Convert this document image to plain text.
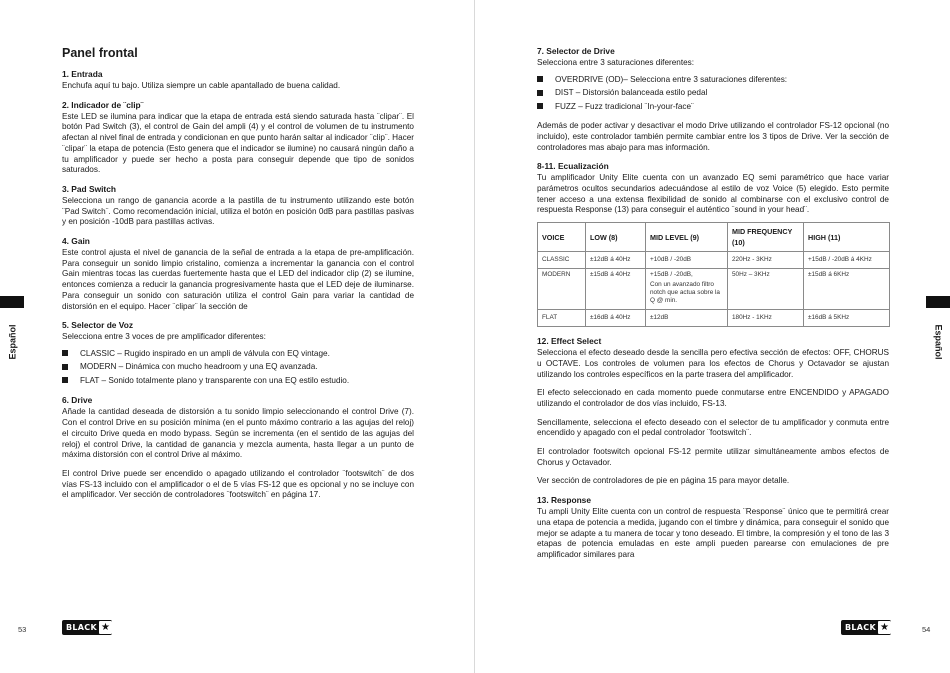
Panel frontal
1. Entrada

Enchufa aquí tu bajo. Utiliza siempre un cable apantallado de buena calidad.

2. Indicador de ¨clip¨

Este LED se ilumina para indicar que la etapa de entrada está siendo saturada hasta ¨clipar¨. El botón Pad Switch (3), el control de Gain del ampli (4) y el control de volumen de tu instrumento afectan al nivel final de entrada y condicionan en que punto harán saltar al indicador ¨clip¨. Hacer ¨clipar¨ la etapa de potencia (Esto genera que el indicador se ilumine) no causará ningún daño a tu amplificador y puede ser hecho a posta para conseguir depende que tipo de sonidos saturados.

3. Pad Switch

Selecciona un rango de ganancia acorde a la pastilla de tu instrumento utilizando este botón ¨Pad Switch¨. Como recomendación inicial, utiliza el botón en posición 0dB para pastillas pasivas y en posición -10dB para pastillas activas.

4. Gain

Este control ajusta el nivel de ganancia de la señal de entrada a la etapa de pre-amplificación. Para conseguir un sonido limpio cristalino, comienza a incrementar la ganancia con el control Gain mientras tocas las cuerdas fuertemente hasta que el LED del indicador clip (2) se ilumine, entonces comienza a reducir la ganancia progresivamente hasta que el LED deje de iluminarse. Para conseguir un sonido con saturación utiliza el control Gain para variar la cantidad de distorsión en el equipo. Hacer ¨clipar¨ la sección de

5. Selector de Voz

Selecciona entre 3 voces de pre amplificador diferentes:

CLASSIC – Rugido inspirado en un ampli de válvula con EQ vintage.
MODERN – Dinámica con mucho headroom y una EQ avanzada.
FLAT – Sonido totalmente plano y transparente con una EQ estilo estudio.
6. Drive

Añade la cantidad deseada de distorsión a tu sonido limpio seleccionando el control Drive (7). Con el control Drive en su posición mínima (en el punto máximo contrario a las agujas del reloj) el circuito Drive queda en modo bypass. Según se incrementa (en el sentido de las agujas del reloj) el control Drive, la cantidad de ganancia y mezcla aumenta, hasta llegar a un punto de máxima distorsión con el control Drive al máximo.

El control Drive puede ser encendido o apagado utilizando el controlador ¨footswitch¨ de dos vías FS-13 incluido con el amplificador o el de 5 vías FS-12 que es opcional y no se incluye con el amplificador. Ver sección de controladores ¨footswitch¨ en página 17.

Español
53	BLACK ★
7. Selector de Drive

Selecciona entre 3 saturaciones diferentes:

OVERDRIVE (OD)– Selecciona entre 3 saturaciones diferentes:
DIST – Distorsión balanceada estilo pedal
FUZZ – Fuzz tradicional ¨In-your-face¨

Además de poder activar y desactivar el modo Drive utilizando el controlador FS-12 opcional (no incluido), este controlador también permite cambiar entre los 3 tipos de Drive. Ver la sección de controladores mas abajo para mas información.

8-11. Ecualización

Tu amplificador Unity Elite cuenta con un avanzado EQ semi paramétrico que hace variar parámetros ocultos secundarios adecuándose al estilo de voz Voice (5) elegido. Esto permite tener acceso a una extensa flexibilidad de sonido al combinarse con el exclusivo control de respuesta Response (13) para conseguir el auténtico ¨sound in your head¨.

VOICE	LOW (8)	MID LEVEL (9)	MID FREQUENCY (10)	HIGH (11)
CLASSIC	±12dB á 40Hz	+10dB / -20dB	220Hz - 3KHz	+15dB / -20dB á 4KHz
MODERN	±15dB á 40Hz	+15dB / -20dB,
Con un avanzado filtro notch que actua sobre la Q @ min.	50Hz – 3KHz	±15dB á 6KHz
FLAT	±16dB á 40Hz	±12dB	180Hz - 1KHz	±16dB á 5KHz
12. Effect Select

Selecciona el efecto deseado desde la sencilla pero efectiva sección de efectos: OFF, CHORUS u OCTAVE. Los controles de volumen para los efectos de Chorus y Octavador se ajustan utilizando los controles específicos en la parte trasera del amplificador.

El efecto seleccionado en cada momento puede conmutarse entre ENCENDIDO y APAGADO utilizando el controlador de dos vías incluido, FS-13.

Sencillamente, selecciona el efecto deseado con el selector de tu amplificador y conmuta entre encendido y apagado con el pedal controlador ¨footswitch¨.

El controlador footswitch opcional FS-12 permite utilizar simultáneamente ambos efectos de Chorus y Octavador.

Ver sección de controladores de pie en página 15 para mayor detalle.

13. Response

Tu ampli Unity Elite cuenta con un control de respuesta ¨Response¨ único que te permitirá crear una etapa de potencia a medida, jugando con el timbre y dinámica, para conseguir el sonido que mejor se adapte a tu manera de tocar y tono deseado. El timbre, la compresión y el tono de las 3 etapas de potencia emuladas en este ampli pueden parearse con emulaciones de pre amplificador similares para

Español
BLACK ★	54
